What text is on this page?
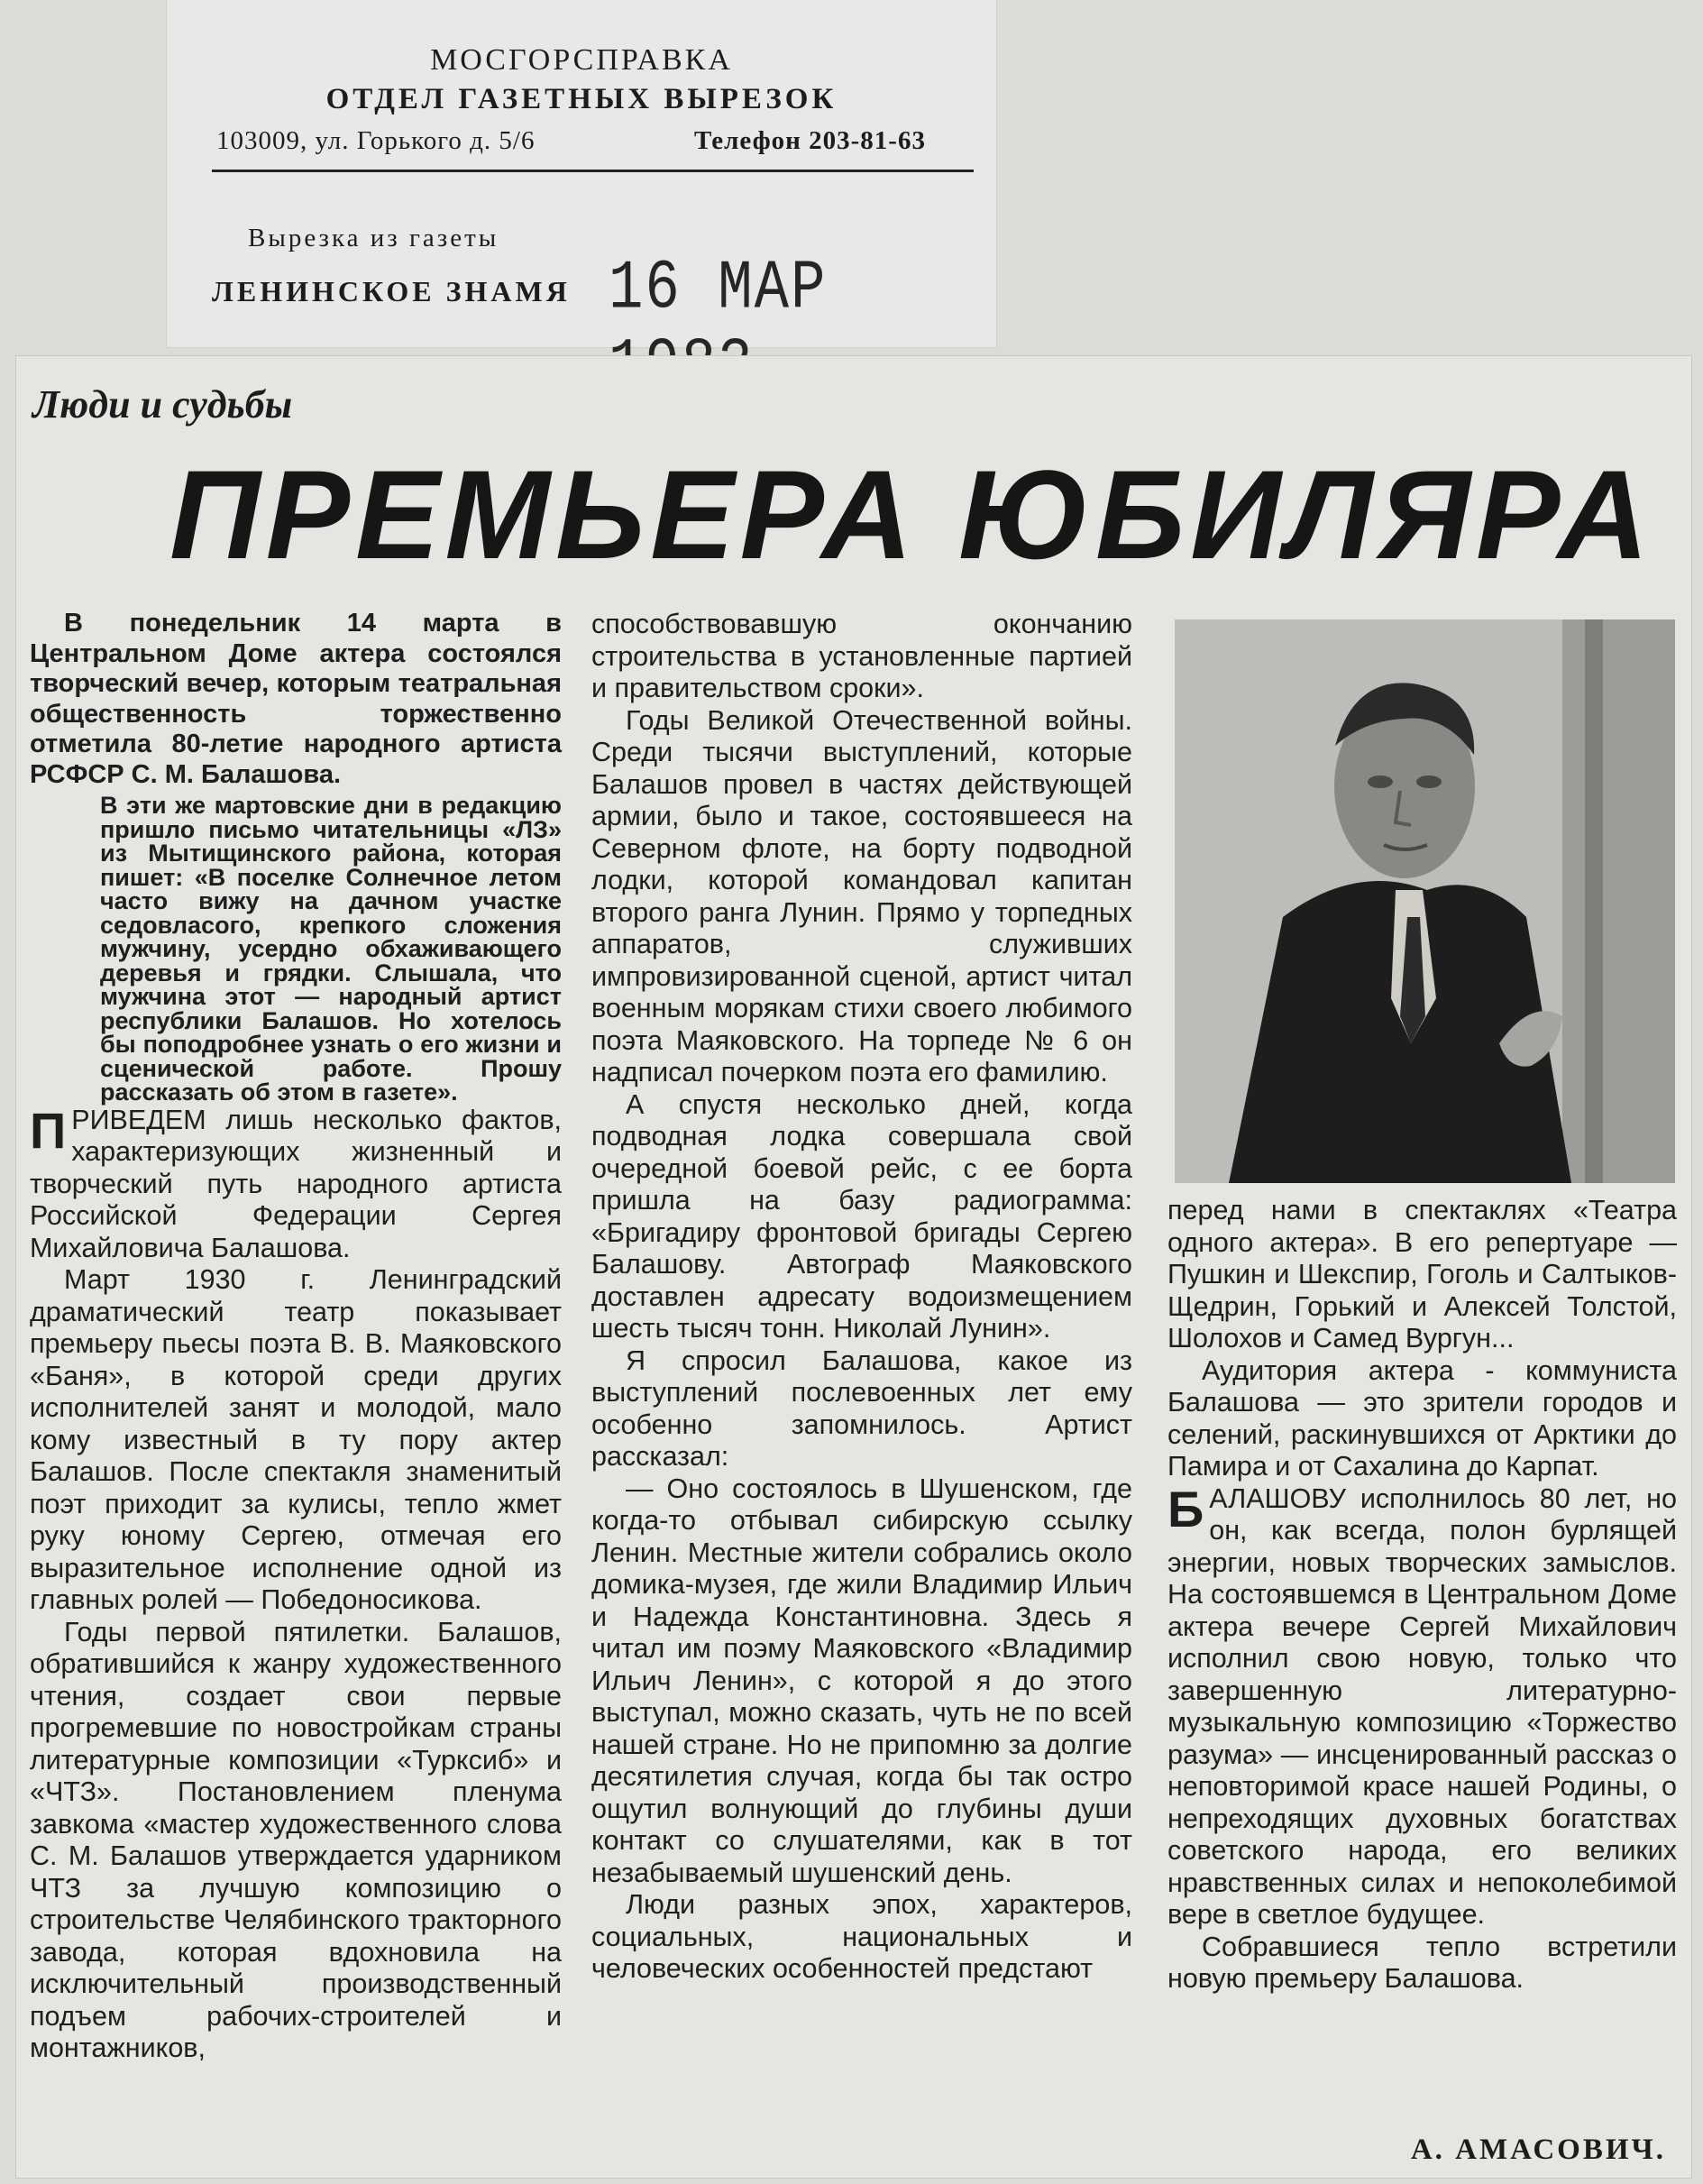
МОСГОРСПРАВКА
ОТДЕЛ ГАЗЕТНЫХ ВЫРЕЗОК
103009, ул. Горького д. 5/6	Телефон 203-81-63
Вырезка из газеты
ЛЕНИНСКОЕ ЗНАМЯ 16 МАР
Люди и судьбы
ПРЕМЬЕРА ЮБИЛЯРА

В понедельник 14 марта в Центральном Доме актера состоялся творческий вечер, которым театральная общественность торжественно отметила 80-летие народного артиста РСФСР С. М. Балашова.

В эти же мартовские дни в редакцию пришло письмо читательницы «ЛЗ» из Мытищинского района, которая пишет: «В поселке Солнечное летом часто вижу на дачном участке седовласого, крепкого сложения мужчину, усердно обхаживающего деревья и грядки. Слышала, что мужчина этот — народный артист республики Балашов. Но хотелось бы поподробнее узнать о его жизни и сценической работе. Прошу рассказать об этом в газете».

ПРИВЕДЕМ лишь несколько фактов, характеризующих жизненный и творческий путь народного артиста Российской Федерации Сергея Михайловича Балашова.

Март 1930 г. Ленинградский драматический театр показывает премьеру пьесы поэта В. В. Маяковского «Баня», в которой среди других исполнителей занят и молодой, мало кому известный в ту пору актер Балашов. После спектакля знаменитый поэт приходит за кулисы, тепло жмет руку юному Сергею, отмечая его выразительное исполнение одной из главных ролей — Победоносикова.

Годы первой пятилетки. Балашов, обратившийся к жанру художественного чтения, создает свои первые прогремевшие по новостройкам страны литературные композиции «Турксиб» и «ЧТЗ». Постановлением пленума завкома «мастер художественного слова С. М. Балашов утверждается ударником ЧТЗ за лучшую композицию о строительстве Челябинского тракторного завода, которая вдохновила на исключительный производственный подъем рабочих-строителей и монтажников,

способствовавшую окончанию строительства в установленные партией и правительством сроки».

Годы Великой Отечественной войны. Среди тысячи выступлений, которые Балашов провел в частях действующей армии, было и такое, состоявшееся на Северном флоте, на борту подводной лодки, которой командовал капитан второго ранга Лунин. Прямо у торпедных аппаратов, служивших импровизированной сценой, артист читал военным морякам стихи своего любимого поэта Маяковского. На торпеде № 6 он надписал почерком поэта его фамилию.

А спустя несколько дней, когда подводная лодка совершала свой очередной боевой рейс, с ее борта пришла на базу радиограмма: «Бригадиру фронтовой бригады Сергею Балашову. Автограф Маяковского доставлен адресату водоизмещением шесть тысяч тонн. Николай Лунин».

Я спросил Балашова, какое из выступлений послевоенных лет ему особенно запомнилось. Артист рассказал:

— Оно состоялось в Шушенском, где когда-то отбывал сибирскую ссылку Ленин. Местные жители собрались около домика-музея, где жили Владимир Ильич и Надежда Константиновна. Здесь я читал им поэму Маяковского «Владимир Ильич Ленин», с которой я до этого выступал, можно сказать, чуть не по всей нашей стране. Но не припомню за долгие десятилетия случая, когда бы так остро ощутил волнующий до глубины души контакт со слушателями, как в тот незабываемый шушенский день.

Люди разных эпох, характеров, социальных, национальных и человеческих особенностей предстают

перед нами в спектаклях «Театра одного актера». В его репертуаре — Пушкин и Шекспир, Гоголь и Салтыков-Щедрин, Горький и Алексей Толстой, Шолохов и Самед Вургун...

Аудитория актера - коммуниста Балашова — это зрители городов и селений, раскинувшихся от Арктики до Памира и от Сахалина до Карпат.

БАЛАШОВУ исполнилось 80 лет, но он, как всегда, полон бурлящей энергии, новых творческих замыслов. На состоявшемся в Центральном Доме актера вечере Сергей Михайлович исполнил свою новую, только что завершенную литературно-музыкальную композицию «Торжество разума» — инсценированный рассказ о неповторимой красе нашей Родины, о непреходящих духовных богатствах советского народа, его великих нравственных силах и непоколебимой вере в светлое будущее.

Собравшиеся тепло встретили новую премьеру Балашова.

А. АМАСОВИЧ.
